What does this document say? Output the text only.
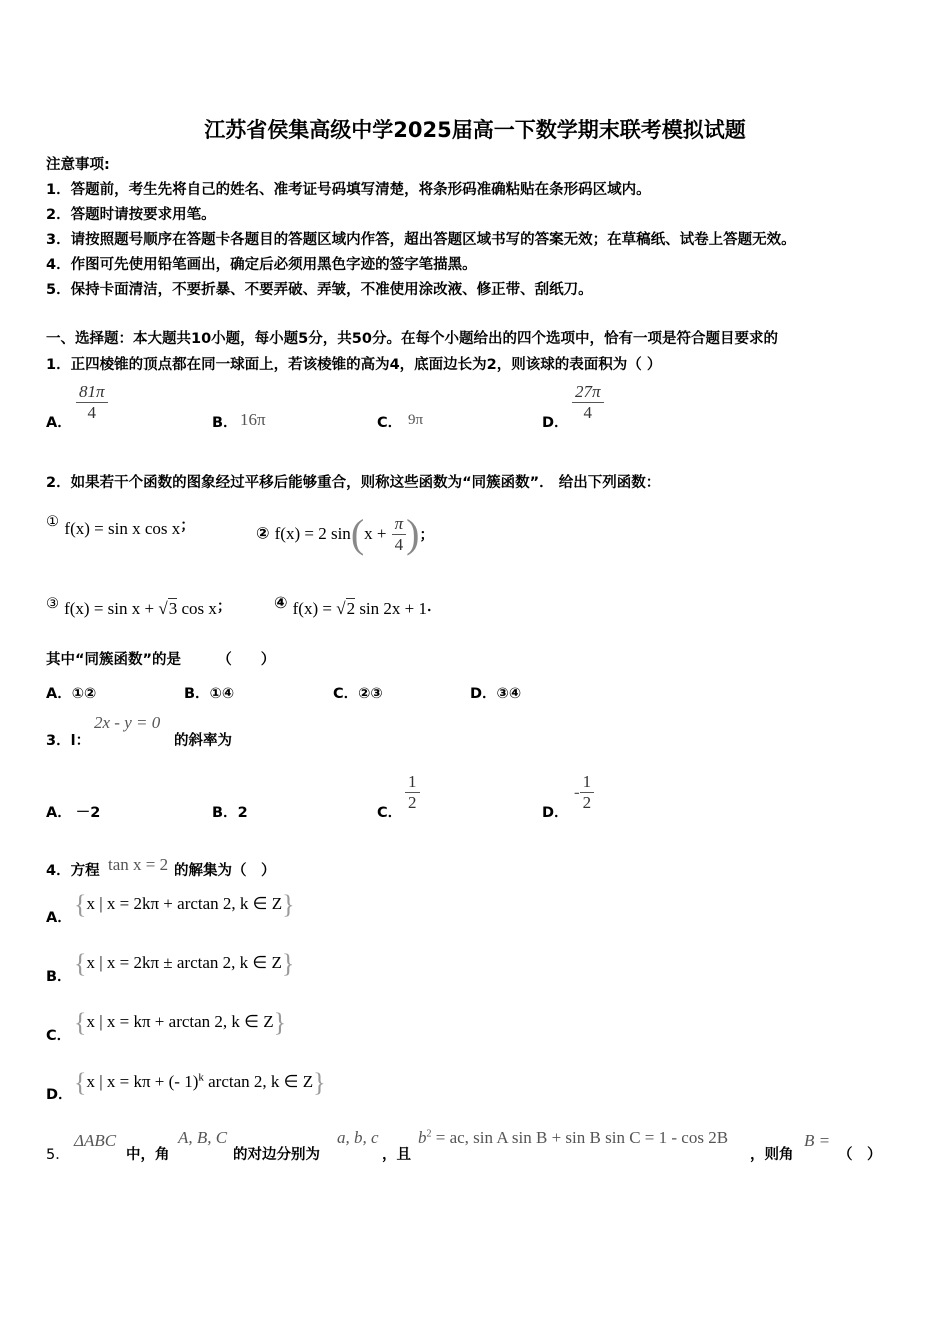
江苏省侯集高级中学2025届高一下数学期末联考模拟试题
注意事项:
1．答题前，考生先将自己的姓名、准考证号码填写清楚，将条形码准确粘贴在条形码区域内。
2．答题时请按要求用笔。
3．请按照题号顺序在答题卡各题目的答题区域内作答，超出答题区域书写的答案无效；在草稿纸、试卷上答题无效。
4．作图可先使用铅笔画出，确定后必须用黑色字迹的签字笔描黑。
5．保持卡面清洁，不要折暴、不要弄破、弄皱，不准使用涂改液、修正带、刮纸刀。
一、选择题：本大题共10小题，每小题5分，共50分。在每个小题给出的四个选项中，恰有一项是符合题目要求的
1．正四棱锥的顶点都在同一球面上，若该棱锥的高为4，底面边长为2，则该球的表面积为（ ）
A．
$\frac{81\pi}{4}$
B． 16π	C． 9π	D．
$\frac{27\pi}{4}$
2．如果若干个函数的图象经过平移后能够重合，则称这些函数为“同簇函数”． 给出下列函数：
① f(x) = sin x cos x；	② f(x) = 2 $\sin(x + \frac{\pi}{4}$ )；
③ f(x) = sin x + √3 cos x；	④ f(x) = √2 sin 2x + 1．
其中“同簇函数”的是　　　（　　）
A．①②	B．①④	C．②③	D．③④
3．l：
2x - y = 0
的斜率为
A． －2	B．2	C．
$\frac{1}{2}$
D．
- $\frac{1}{2}$
4．方程 tan x = 2 的解集为（　）
A． {x | x = 2kπ + arctan 2, k ∈ Z}
B． {x | x = 2kπ ± arctan 2, k ∈ Z}
C． {x | x = kπ + arctan 2, k ∈ Z}
D． {x | x = kπ + (- 1)$^k$ arctan 2, k ∈ Z}
5．
ΔABC
中，角
A, B, C
的对边分别为
a, b, c
，且
$b^2$ = ac, sin A sin B + sin B sin C = 1 - cos 2B
，则角
B =
（　）
